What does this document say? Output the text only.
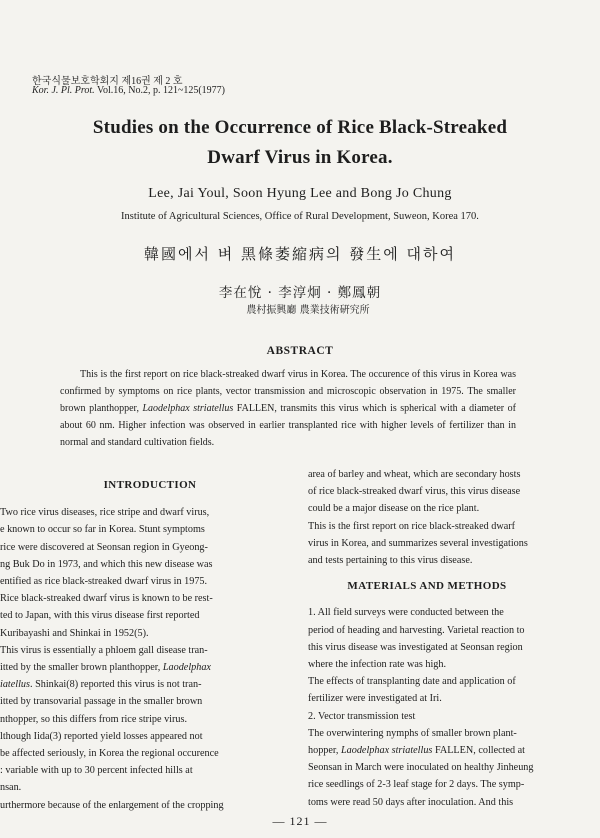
한국식물보호학회지 제16권 제 2 호
Kor. J. Pl. Prot. Vol.16, No.2, p. 121~125(1977)
Studies on the Occurrence of Rice Black-Streaked
Dwarf Virus in Korea.
Lee, Jai Youl, Soon Hyung Lee and Bong Jo Chung
Institute of Agricultural Sciences, Office of Rural Development, Suweon, Korea 170.
韓國에서 벼 黑條萎縮病의 發生에 대하여
李在悅 · 李淳炯 · 鄭鳳朝
農村振興廳 農業技術硏究所
ABSTRACT
This is the first report on rice black-streaked dwarf virus in Korea. The occurence of this virus in Korea was confirmed by symptoms on rice plants, vector transmission and microscopic observation in 1975. The smaller brown planthopper, Laodelphax striatellus FALLEN, transmits this virus which is spherical with a diameter of about 60 nm. Higher infection was observed in earlier transplanted rice with higher levels of fertilizer than in normal and standard cultivation fields.
INTRODUCTION
Two rice virus diseases, rice stripe and dwarf virus,
e known to occur so far in Korea. Stunt symptoms
rice were discovered at Seonsan region in Gyeong-
ng Buk Do in 1973, and which this new disease was
entified as rice black-streaked dwarf virus in 1975.
Rice black-streaked dwarf virus is known to be rest-
ted to Japan, with this virus disease first reported
Kuribayashi and Shinkai in 1952(5).
This virus is essentially a phloem gall disease tran-
itted by the smaller brown planthopper, Laodelphax
iatellus. Shinkai(8) reported this virus is not tran-
itted by transovarial passage in the smaller brown
nthopper, so this differs from rice stripe virus.
lthough Iida(3) reported yield losses appeared not
be affected seriously, in Korea the regional occurence
: variable with up to 30 percent infected hills at
nsan.
urthermore because of the enlargement of the cropping
area of barley and wheat, which are secondary hosts
of rice black-streaked dwarf virus, this virus disease
could be a major disease on the rice plant.
This is the first report on rice black-streaked dwarf
virus in Korea, and summarizes several investigations
and tests pertaining to this virus disease.
MATERIALS AND METHODS
1. All field surveys were conducted between the
period of heading and harvesting. Varietal reaction to
this virus disease was investigated at Seonsan region
where the infection rate was high.
The effects of transplanting date and application of
fertilizer were investigated at Iri.
2. Vector transmission test
The overwintering nymphs of smaller brown plant-
hopper, Laodelphax striatellus FALLEN, collected at
Seonsan in March were inoculated on healthy Jinheung
rice seedlings of 2-3 leaf stage for 2 days. The symp-
toms were read 50 days after inoculation. And this
— 121 —
